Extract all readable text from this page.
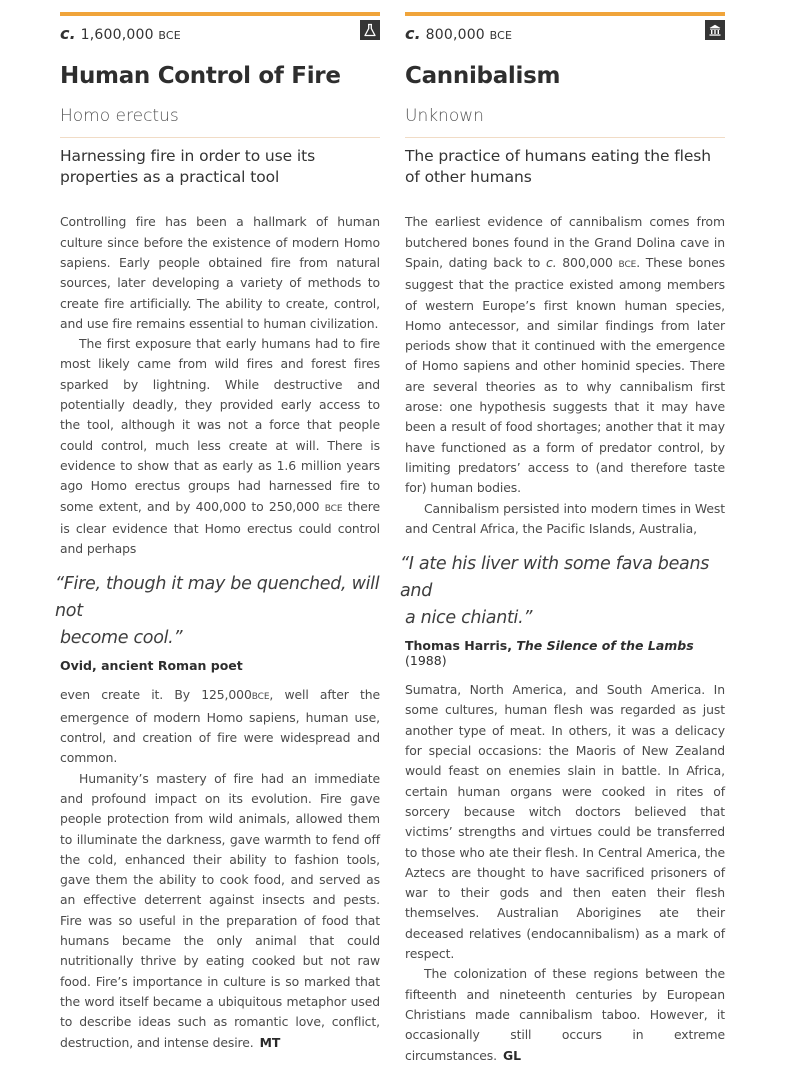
c. 1,600,000 BCE
Human Control of Fire
Homo erectus
Harnessing fire in order to use its
properties as a practical tool

Controlling fire has been a hallmark of human culture since before the existence of modern Homo sapiens. Early people obtained fire from natural sources, later developing a variety of methods to create fire artificially. The ability to create, control, and use fire remains essential to human civilization.

The first exposure that early humans had to fire most likely came from wild fires and forest fires sparked by lightning. While destructive and potentially deadly, they provided early access to the tool, although it was not a force that people could control, much less create at will. There is evidence to show that as early as 1.6 million years ago Homo erectus groups had harnessed fire to some extent, and by 400,000 to 250,000 BCE there is clear evidence that Homo erectus could control and perhaps

“Fire, though it may be quenched, will not
become cool.”
Ovid, ancient Roman poet

even create it. By 125,000BCE, well after the emergence of modern Homo sapiens, human use, control, and creation of fire were widespread and common.

Humanity’s mastery of fire had an immediate and profound impact on its evolution. Fire gave people protection from wild animals, allowed them to illuminate the darkness, gave warmth to fend off the cold, enhanced their ability to fashion tools, gave them the ability to cook food, and served as an effective deterrent against insects and pests. Fire was so useful in the preparation of food that humans became the only animal that could nutritionally thrive by eating cooked but not raw food. Fire’s importance in culture is so marked that the word itself became a ubiquitous metaphor used to describe ideas such as romantic love, conflict, destruction, and intense desire. MT

c. 800,000 BCE
Cannibalism
Unknown
The practice of humans eating the flesh
of other humans

The earliest evidence of cannibalism comes from butchered bones found in the Grand Dolina cave in Spain, dating back to c. 800,000 BCE. These bones suggest that the practice existed among members of western Europe’s first known human species, Homo antecessor, and similar findings from later periods show that it continued with the emergence of Homo sapiens and other hominid species. There are several theories as to why cannibalism first arose: one hypothesis suggests that it may have been a result of food shortages; another that it may have functioned as a form of predator control, by limiting predators’ access to (and therefore taste for) human bodies.

Cannibalism persisted into modern times in West and Central Africa, the Pacific Islands, Australia,

“I ate his liver with some fava beans and
a nice chianti.”
Thomas Harris, The Silence of the Lambs (1988)

Sumatra, North America, and South America. In some cultures, human flesh was regarded as just another type of meat. In others, it was a delicacy for special occasions: the Maoris of New Zealand would feast on enemies slain in battle. In Africa, certain human organs were cooked in rites of sorcery because witch doctors believed that victims’ strengths and virtues could be transferred to those who ate their flesh. In Central America, the Aztecs are thought to have sacrificed prisoners of war to their gods and then eaten their flesh themselves. Australian Aborigines ate their deceased relatives (endocannibalism) as a mark of respect.

The colonization of these regions between the fifteenth and nineteenth centuries by European Christians made cannibalism taboo. However, it occasionally still occurs in extreme circumstances. GL
